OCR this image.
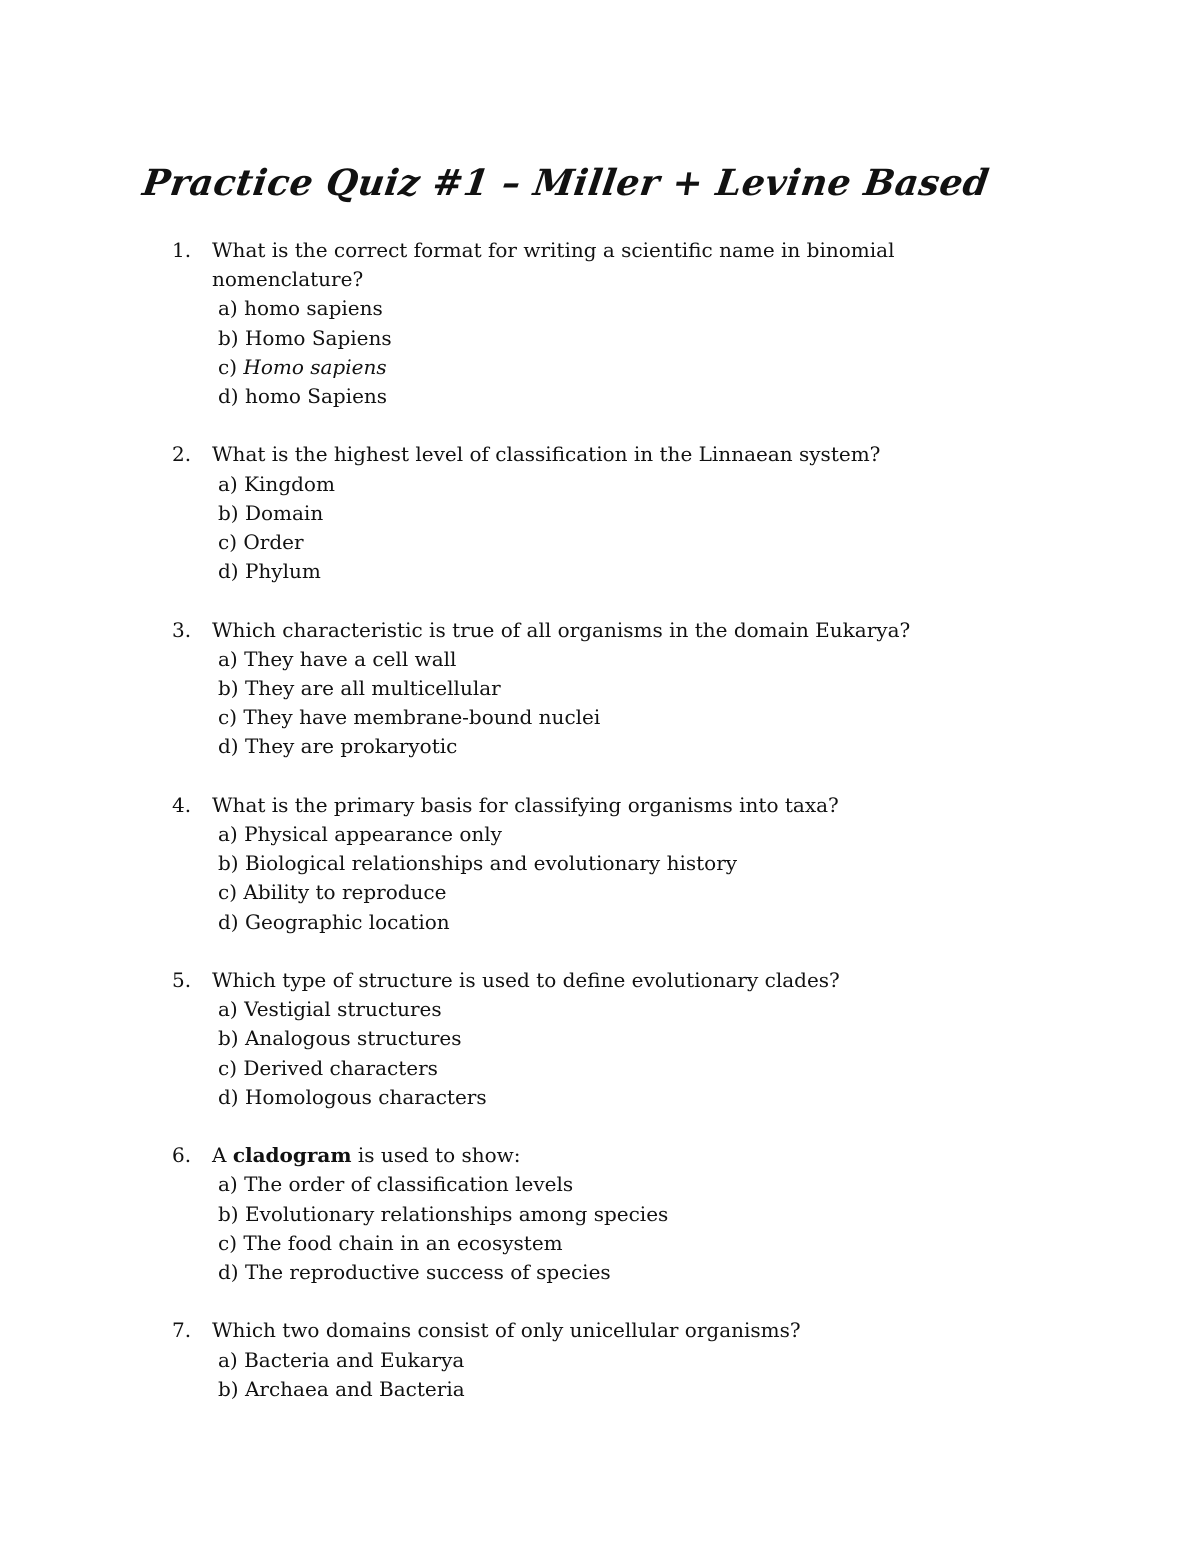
Practice Quiz #1 – Miller + Levine Based
1. What is the correct format for writing a scientific name in binomial nomenclature?
a) homo sapiens
b) Homo Sapiens
c) Homo sapiens
d) homo Sapiens
2. What is the highest level of classification in the Linnaean system?
a) Kingdom
b) Domain
c) Order
d) Phylum
3. Which characteristic is true of all organisms in the domain Eukarya?
a) They have a cell wall
b) They are all multicellular
c) They have membrane-bound nuclei
d) They are prokaryotic
4. What is the primary basis for classifying organisms into taxa?
a) Physical appearance only
b) Biological relationships and evolutionary history
c) Ability to reproduce
d) Geographic location
5. Which type of structure is used to define evolutionary clades?
a) Vestigial structures
b) Analogous structures
c) Derived characters
d) Homologous characters
6. A cladogram is used to show:
a) The order of classification levels
b) Evolutionary relationships among species
c) The food chain in an ecosystem
d) The reproductive success of species
7. Which two domains consist of only unicellular organisms?
a) Bacteria and Eukarya
b) Archaea and Bacteria
